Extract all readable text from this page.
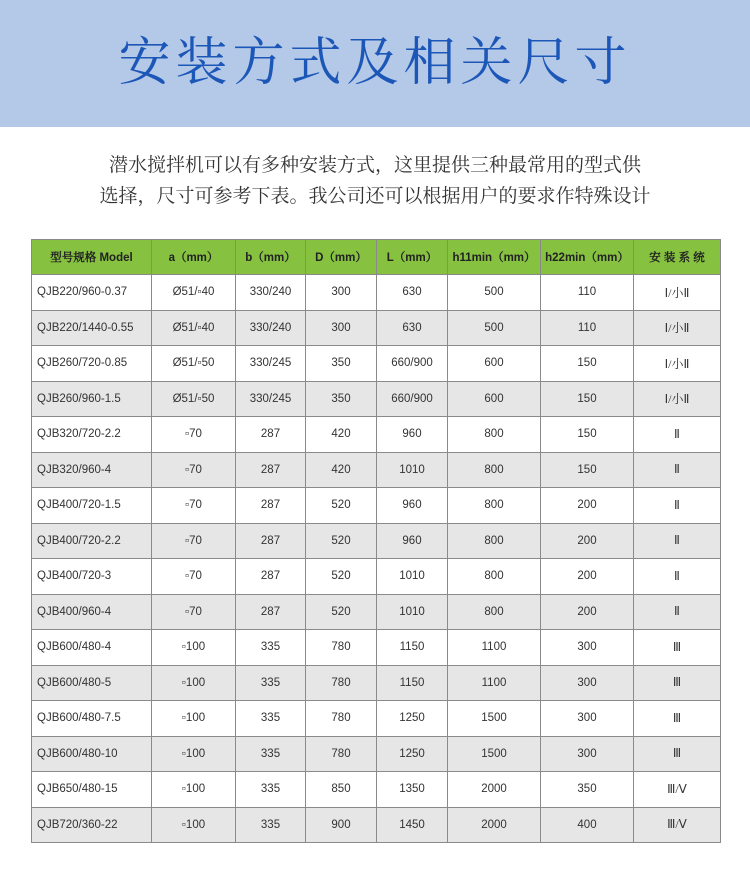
安装方式及相关尺寸

潜水搅拌机可以有多种安装方式，这里提供三种最常用的型式供

选择，尺寸可参考下表。我公司还可以根据用户的要求作特殊设计

型号规格 Model	a（mm）	b（mm）	D（mm）	L（mm）	h11min（mm）	h22min（mm）	安 装 系 统
QJB220/960-0.37	Ø51/▫40	330/240	300	630	500	110	Ⅰ/小Ⅱ
QJB220/1440-0.55	Ø51/▫40	330/240	300	630	500	110	Ⅰ/小Ⅱ
QJB260/720-0.85	Ø51/▫50	330/245	350	660/900	600	150	Ⅰ/小Ⅱ
QJB260/960-1.5	Ø51/▫50	330/245	350	660/900	600	150	Ⅰ/小Ⅱ
QJB320/720-2.2	▫70	287	420	960	800	150	Ⅱ
QJB320/960-4	▫70	287	420	1010	800	150	Ⅱ
QJB400/720-1.5	▫70	287	520	960	800	200	Ⅱ
QJB400/720-2.2	▫70	287	520	960	800	200	Ⅱ
QJB400/720-3	▫70	287	520	1010	800	200	Ⅱ
QJB400/960-4	▫70	287	520	1010	800	200	Ⅱ
QJB600/480-4	▫100	335	780	1150	1100	300	Ⅲ
QJB600/480-5	▫100	335	780	1150	1100	300	Ⅲ
QJB600/480-7.5	▫100	335	780	1250	1500	300	Ⅲ
QJB600/480-10	▫100	335	780	1250	1500	300	Ⅲ
QJB650/480-15	▫100	335	850	1350	2000	350	Ⅲ/Ⅴ
QJB720/360-22	▫100	335	900	1450	2000	400	Ⅲ/Ⅴ
